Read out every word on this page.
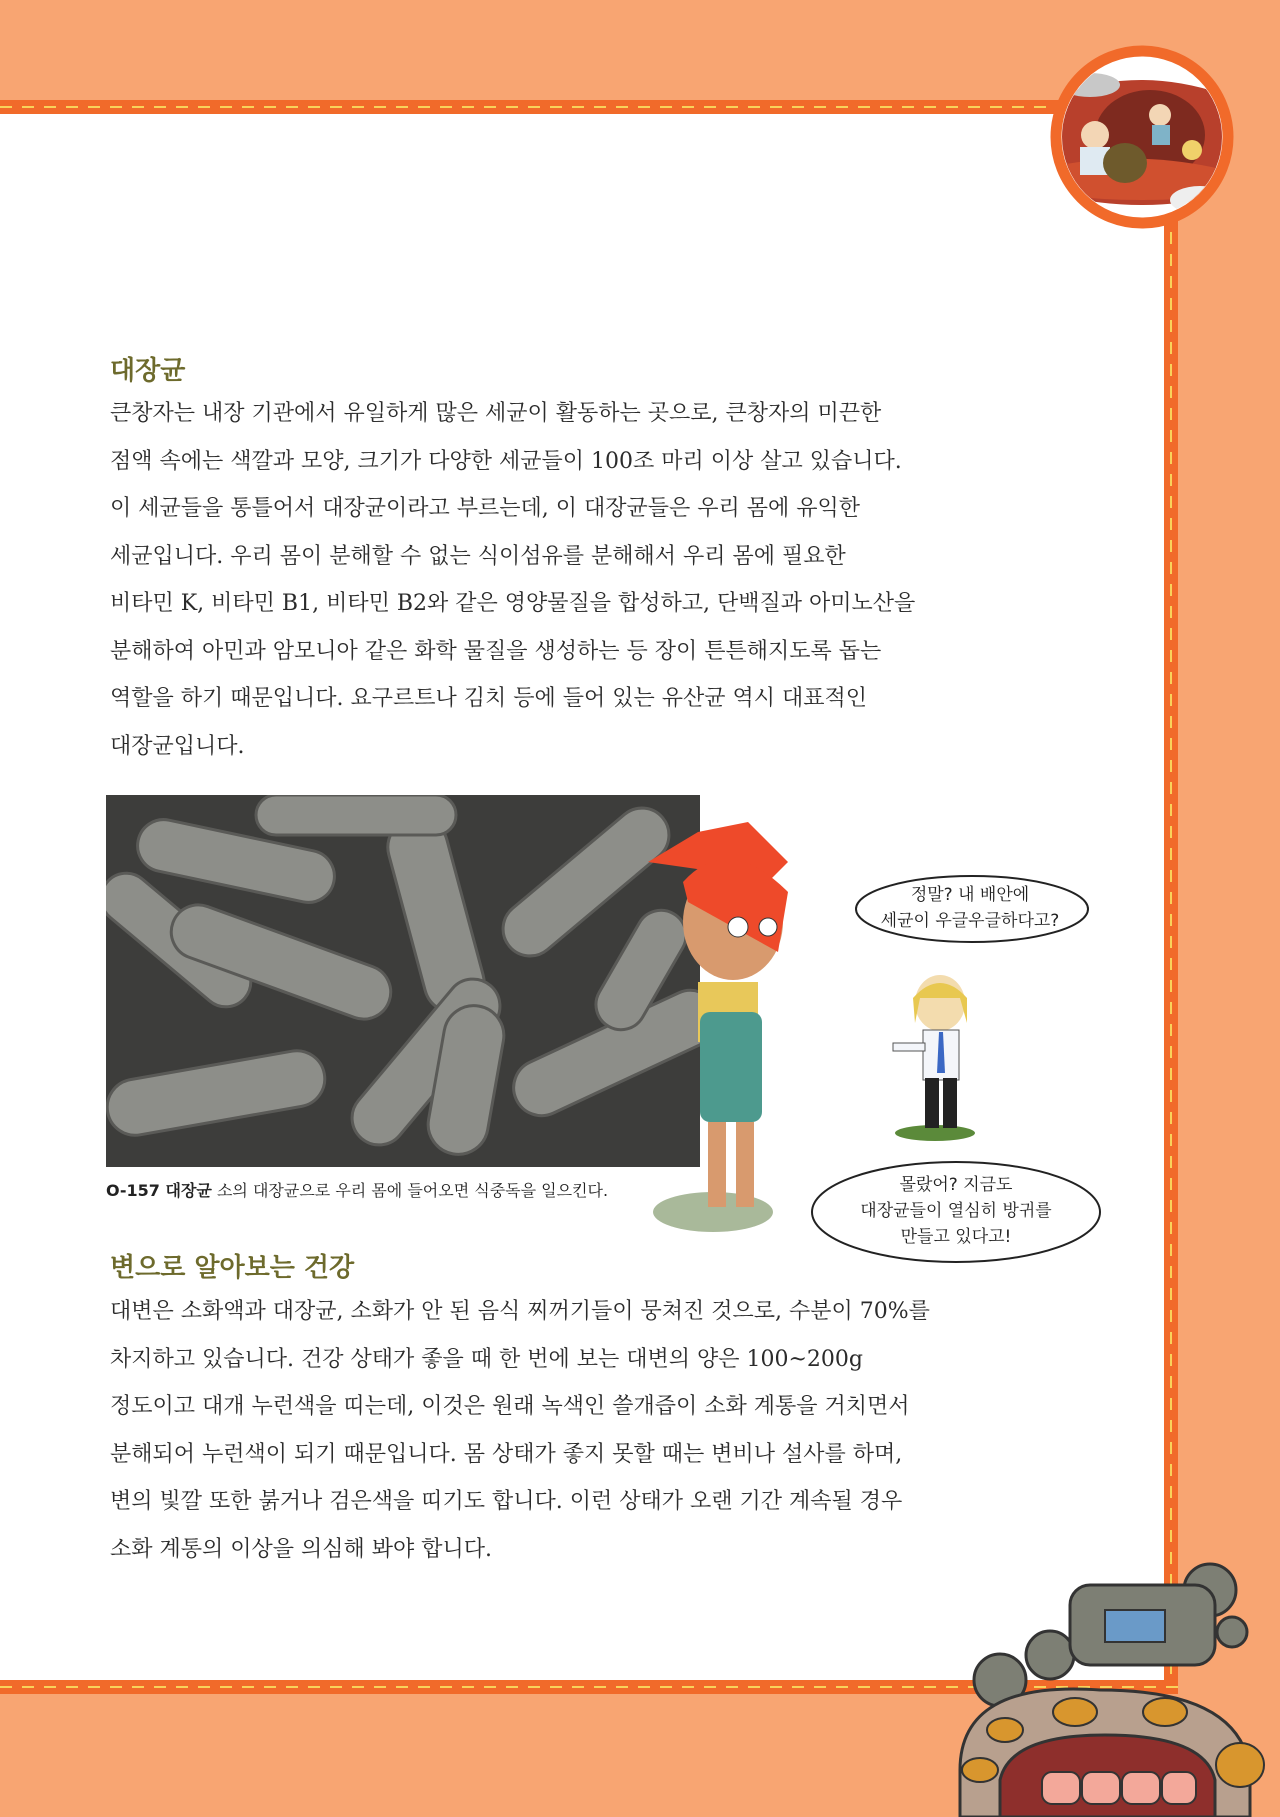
대장균
큰창자는 내장 기관에서 유일하게 많은 세균이 활동하는 곳으로, 큰창자의 미끈한
점액 속에는 색깔과 모양, 크기가 다양한 세균들이 100조 마리 이상 살고 있습니다.
이 세균들을 통틀어서 대장균이라고 부르는데, 이 대장균들은 우리 몸에 유익한
세균입니다. 우리 몸이 분해할 수 없는 식이섬유를 분해해서 우리 몸에 필요한
비타민 K, 비타민 B1, 비타민 B2와 같은 영양물질을 합성하고, 단백질과 아미노산을
분해하여 아민과 암모니아 같은 화학 물질을 생성하는 등 장이 튼튼해지도록 돕는
역할을 하기 때문입니다. 요구르트나 김치 등에 들어 있는 유산균 역시 대표적인
대장균입니다.
O-157 대장균 소의 대장균으로 우리 몸에 들어오면 식중독을 일으킨다.
정말? 내 배안에
세균이 우글우글하다고?
몰랐어? 지금도
대장균들이 열심히 방귀를
만들고 있다고!
변으로 알아보는 건강
대변은 소화액과 대장균, 소화가 안 된 음식 찌꺼기들이 뭉쳐진 것으로, 수분이 70%를
차지하고 있습니다. 건강 상태가 좋을 때 한 번에 보는 대변의 양은 100~200g
정도이고 대개 누런색을 띠는데, 이것은 원래 녹색인 쓸개즙이 소화 계통을 거치면서
분해되어 누런색이 되기 때문입니다. 몸 상태가 좋지 못할 때는 변비나 설사를 하며,
변의 빛깔 또한 붉거나 검은색을 띠기도 합니다. 이런 상태가 오랜 기간 계속될 경우
소화 계통의 이상을 의심해 봐야 합니다.
